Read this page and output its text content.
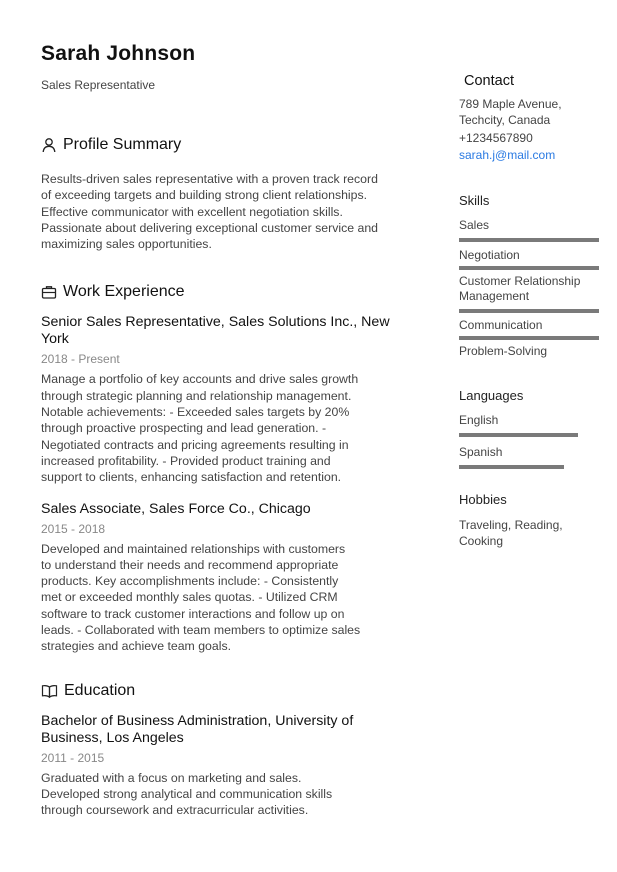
Sarah Johnson
Sales Representative
Profile Summary
Results-driven sales representative with a proven track record
of exceeding targets and building strong client relationships.
Effective communicator with excellent negotiation skills.
Passionate about delivering exceptional customer service and
maximizing sales opportunities.
Work Experience
Senior Sales Representative, Sales Solutions Inc., New
York
2018 - Present
Manage a portfolio of key accounts and drive sales growth
through strategic planning and relationship management.
Notable achievements: - Exceeded sales targets by 20%
through proactive prospecting and lead generation. -
Negotiated contracts and pricing agreements resulting in
increased profitability. - Provided product training and
support to clients, enhancing satisfaction and retention.
Sales Associate, Sales Force Co., Chicago
2015 - 2018
Developed and maintained relationships with customers
to understand their needs and recommend appropriate
products. Key accomplishments include: - Consistently
met or exceeded monthly sales quotas. - Utilized CRM
software to track customer interactions and follow up on
leads. - Collaborated with team members to optimize sales
strategies and achieve team goals.
Education
Bachelor of Business Administration, University of
Business, Los Angeles
2011 - 2015
Graduated with a focus on marketing and sales.
Developed strong analytical and communication skills
through coursework and extracurricular activities.
Contact
789 Maple Avenue,
Techcity, Canada
+1234567890
sarah.j@mail.com
Skills
Sales
Negotiation
Customer Relationship
Management
Communication
Problem-Solving
Languages
English
Spanish
Hobbies
Traveling, Reading,
Cooking
